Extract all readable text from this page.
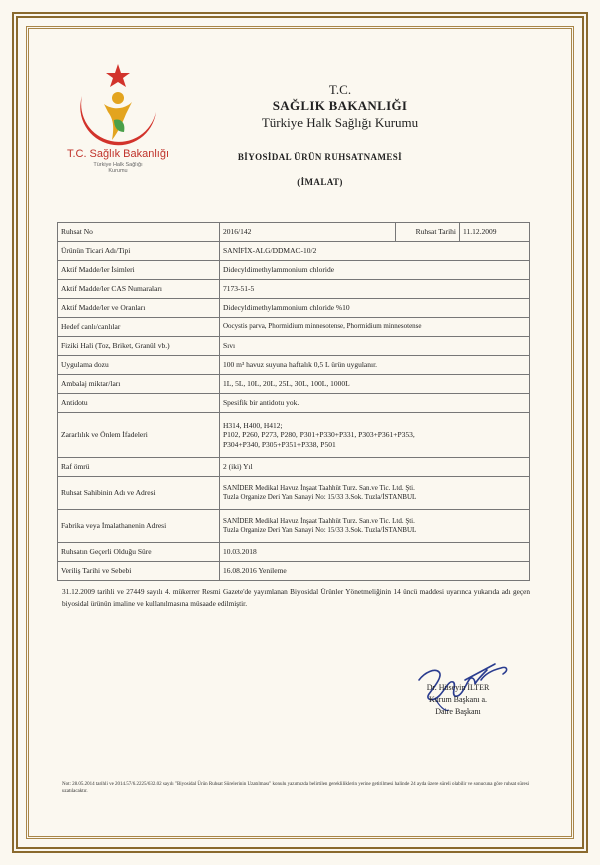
T.C. Sağlık Bakanlığı
Türkiye Halk Sağlığı
Kurumu
T.C.
SAĞLIK BAKANLIĞI
Türkiye Halk Sağlığı Kurumu
BİYOSİDAL ÜRÜN RUHSATNAMESİ
(İMALAT)
Ruhsat No	2016/142	Ruhsat Tarihi	11.12.2009
Ürünün Ticari Adı/Tipi	SANİFİX-ALG/DDMAC-10/2		
Aktif Madde/ler İsimleri	Didecyldimethylammonium chloride		
Aktif Madde/ler CAS Numaraları	7173-51-5		
Aktif Madde/ler ve Oranları	Didecyldimethylammonium chloride %10		
Hedef canlı/canlılar	Oocystis parva, Phormidium minnesotense, Phormidium minnesotense		
Fiziki Hali (Toz, Briket, Granül vb.)	Sıvı		
Uygulama dozu	100 m³ havuz suyuna haftalık 0,5 L ürün uygulanır.		
Ambalaj miktar/ları	1L, 5L, 10L, 20L, 25L, 30L, 100L, 1000L		
Antidotu	Spesifik bir antidotu yok.		
Zararlılık ve Önlem İfadeleri	H314, H400, H412;
P102, P260, P273, P280, P301+P330+P331, P303+P361+P353,
P304+P340, P305+P351+P338, P501		

Raf ömrü	2 (iki) Yıl		
Ruhsat Sahibinin Adı ve Adresi	SANİDER Medikal Havuz İnşaat Taahhüt Turz. San.ve Tic. Ltd. Şti.
Tuzla Organize Deri Yan Sanayi No: 15/33 3.Sok. Tuzla/İSTANBUL		

Fabrika veya İmalathanenin Adresi	SANİDER Medikal Havuz İnşaat Taahhüt Turz. San.ve Tic. Ltd. Şti.
Tuzla Organize Deri Yan Sanayi No: 15/33 3.Sok. Tuzla/İSTANBUL		

Ruhsatın Geçerli Olduğu Süre	10.03.2018		
Veriliş Tarihi ve Sebebi	16.08.2016 Yenileme		
31.12.2009 tarihli ve 27449 sayılı 4. mükerrer Resmi Gazete'de yayımlanan Biyosidal Ürünler Yönetmeliğinin 14 üncü maddesi uyarınca yukarıda adı geçen biyosidal ürünün imaline ve kullanılmasına müsaade edilmiştir.
Dr. Hüseyin İLTER
Kurum Başkanı a.
Daire Başkanı
Not: 28.05.2014 tarihli ve 2014.57/6.2225/632.02 sayılı "Biyosidal Ürün Ruhsat Sürelerinin Uzatılması" konulu yazımızda belirtilen gerekliliklerin yerine getirilmesi halinde 24 ayda üzere süreli olabilir ve sonucuna göre ruhsat süresi uzatılacaktır.
